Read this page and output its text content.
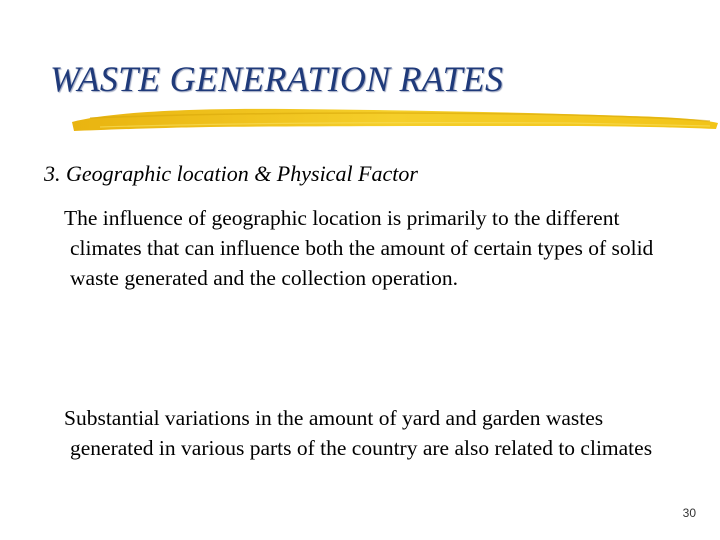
WASTE GENERATION RATES
3. Geographic location & Physical Factor
The influence of geographic location is primarily to the different climates that can influence both the amount of certain types of solid waste generated and the collection operation.
Substantial variations in the amount of yard and garden wastes generated in various parts of the country are also related to climates
30
